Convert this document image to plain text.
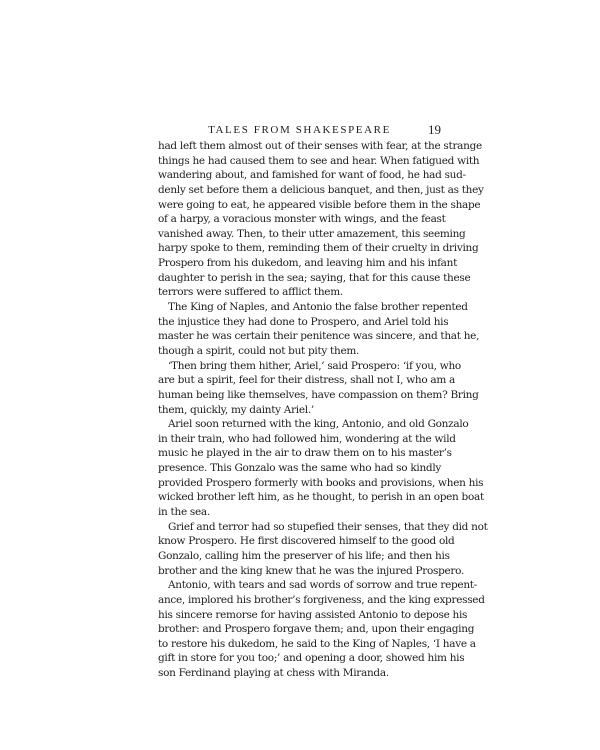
TALES FROM SHAKESPEARE	19
had left them almost out of their senses with fear, at the strange
things he had caused them to see and hear. When fatigued with
wandering about, and famished for want of food, he had sud-
denly set before them a delicious banquet, and then, just as they
were going to eat, he appeared visible before them in the shape
of a harpy, a voracious monster with wings, and the feast
vanished away. Then, to their utter amazement, this seeming
harpy spoke to them, reminding them of their cruelty in driving
Prospero from his dukedom, and leaving him and his infant
daughter to perish in the sea; saying, that for this cause these
terrors were suffered to afflict them.
The King of Naples, and Antonio the false brother repented
the injustice they had done to Prospero, and Ariel told his
master he was certain their penitence was sincere, and that he,
though a spirit, could not but pity them.
‘Then bring them hither, Ariel,’ said Prospero: ‘if you, who
are but a spirit, feel for their distress, shall not I, who am a
human being like themselves, have compassion on them? Bring
them, quickly, my dainty Ariel.’
Ariel soon returned with the king, Antonio, and old Gonzalo
in their train, who had followed him, wondering at the wild
music he played in the air to draw them on to his master’s
presence. This Gonzalo was the same who had so kindly
provided Prospero formerly with books and provisions, when his
wicked brother left him, as he thought, to perish in an open boat
in the sea.
Grief and terror had so stupefied their senses, that they did not
know Prospero. He first discovered himself to the good old
Gonzalo, calling him the preserver of his life; and then his
brother and the king knew that he was the injured Prospero.
Antonio, with tears and sad words of sorrow and true repent-
ance, implored his brother’s forgiveness, and the king expressed
his sincere remorse for having assisted Antonio to depose his
brother: and Prospero forgave them; and, upon their engaging
to restore his dukedom, he said to the King of Naples, ‘I have a
gift in store for you too;’ and opening a door, showed him his
son Ferdinand playing at chess with Miranda.
